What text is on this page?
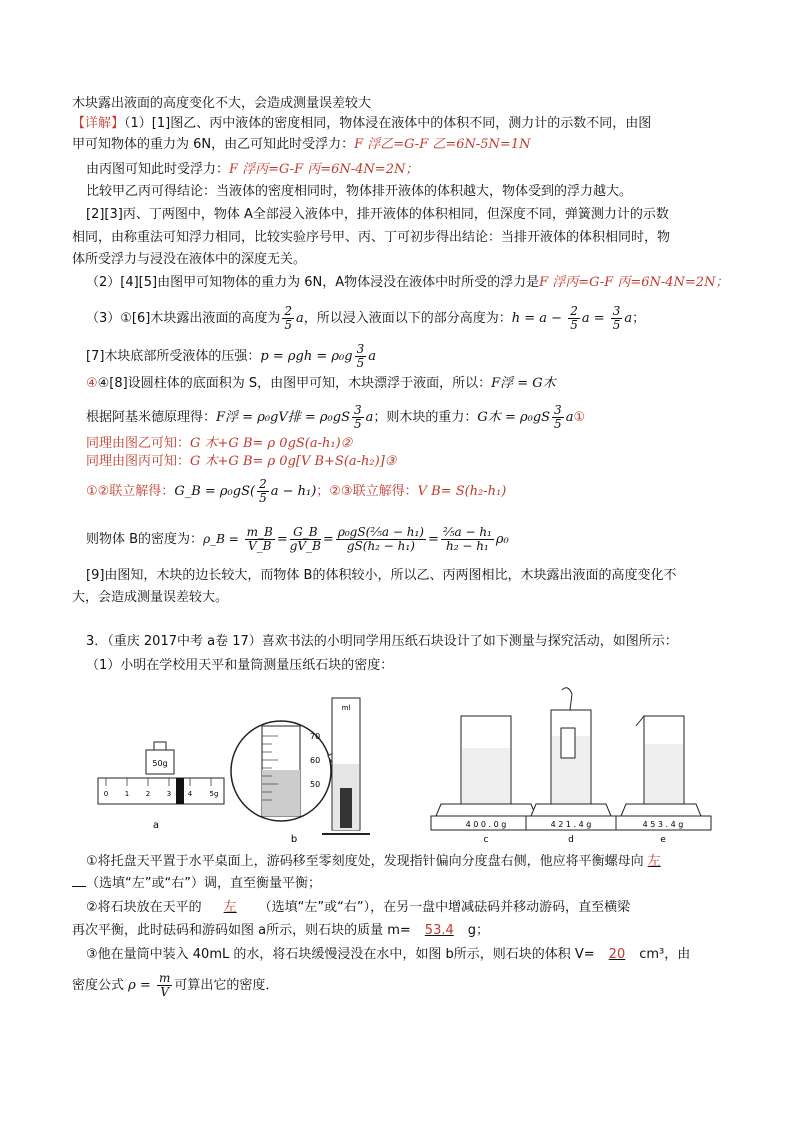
木块露出液面的高度变化不大，会造成测量误差较大
【详解】（1）[1]图乙、丙中液体的密度相同，物体浸在液体中的体积不同，测力计的示数不同，由图
甲可知物体的重力为 6N，由乙可知此时受浮力：F 浮乙=G-F 乙=6N-5N=1N
由丙图可知此时受浮力：F 浮丙=G-F 丙=6N-4N=2N；
比较甲乙丙可得结论：当液体的密度相同时，物体排开液体的体积越大，物体受到的浮力越大。
[2][3]丙、丁两图中，物体 A全部浸入液体中，排开液体的体积相同，但深度不同，弹簧测力计的示数
相同，由称重法可知浮力相同，比较实验序号甲、丙、丁可初步得出结论：当排开液体的体积相同时，物
体所受浮力与浸没在液体中的深度无关。
（2）[4][5]由图甲可知物体的重力为 6N，A物体浸没在液体中时所受的浮力是F 浮丙=G-F 丙=6N-4N=2N；
（3）①[6]木块露出液面的高度为 $\frac{2}{5}$ a，所以浸入液面以下的部分高度为：$h = a - \frac{2}{5}$ $a = \frac{3}{5}$ a；
[7]木块底部所受液体的压强：$p = \rho gh = \rho_0g \frac{3}{5}$ a
④④[8]设圆柱体的底面积为 S，由图甲可知，木块漂浮于液面，所以：F浮 = G木
根据阿基米德原理得：F浮 = ρ₀gV排 = $\rho_0gS \frac{3}{5}$ a；则木块的重力：G木 = $\rho_0gS \frac{3}{5}$ a①
同理由图乙可知：G 木+G B= ρ 0gS(a-h₁)②
同理由图丙可知：G 木+G B= ρ 0g[V B+S(a-h₂)]③
①②联立解得：G_B = $\rho_0gS( \frac{2}{5}$ a − h₁)；②③联立解得：V B= S(h₂-h₁)
则物体 B的密度为：ρ_B = $\frac{m\_B}{V\_B} = \frac{G\_B}{gV\_B} = \frac{\text{ρ₀gS(⅖a − h₁)}}{\text{gS(h₂ − h₁)}} = \frac{\text{⅖a − h₁}}{\text{h₂ − h₁}} \rho_0$
[9]由图知，木块的边长较大，而物体 B的体积较小，所以乙、丙两图相比，木块露出液面的高度变化不
大，会造成测量误差较大。
3．（重庆 2017中考 a卷 17）喜欢书法的小明同学用压纸石块设计了如下测量与探究活动，如图所示：
（1）小明在学校用天平和量筒测量压纸石块的密度：
50g
0 1 2 3 4 5g
a
70
60
50
ml
b
4 0 0 . 0 g
c
4 2 1 . 4 g
d
4 5 3 . 4 g
e
①将托盘天平置于水平桌面上，游码移至零刻度处，发现指针偏向分度盘右侧，他应将平衡螺母向 左
（选填“左”或“右”）调，直至衡量平衡；
②将石块放在天平的 左 （选填“左”或“右”），在另一盘中增减砝码并移动游码，直至横梁
再次平衡，此时砝码和游码如图 a所示，则石块的质量 m= 53.4 g；
③他在量筒中装入 40mL 的水，将石块缓慢浸没在水中，如图 b所示，则石块的体积 V= 20 cm³，由
密度公式 $\rho = \frac{m}{V}$ 可算出它的密度．
